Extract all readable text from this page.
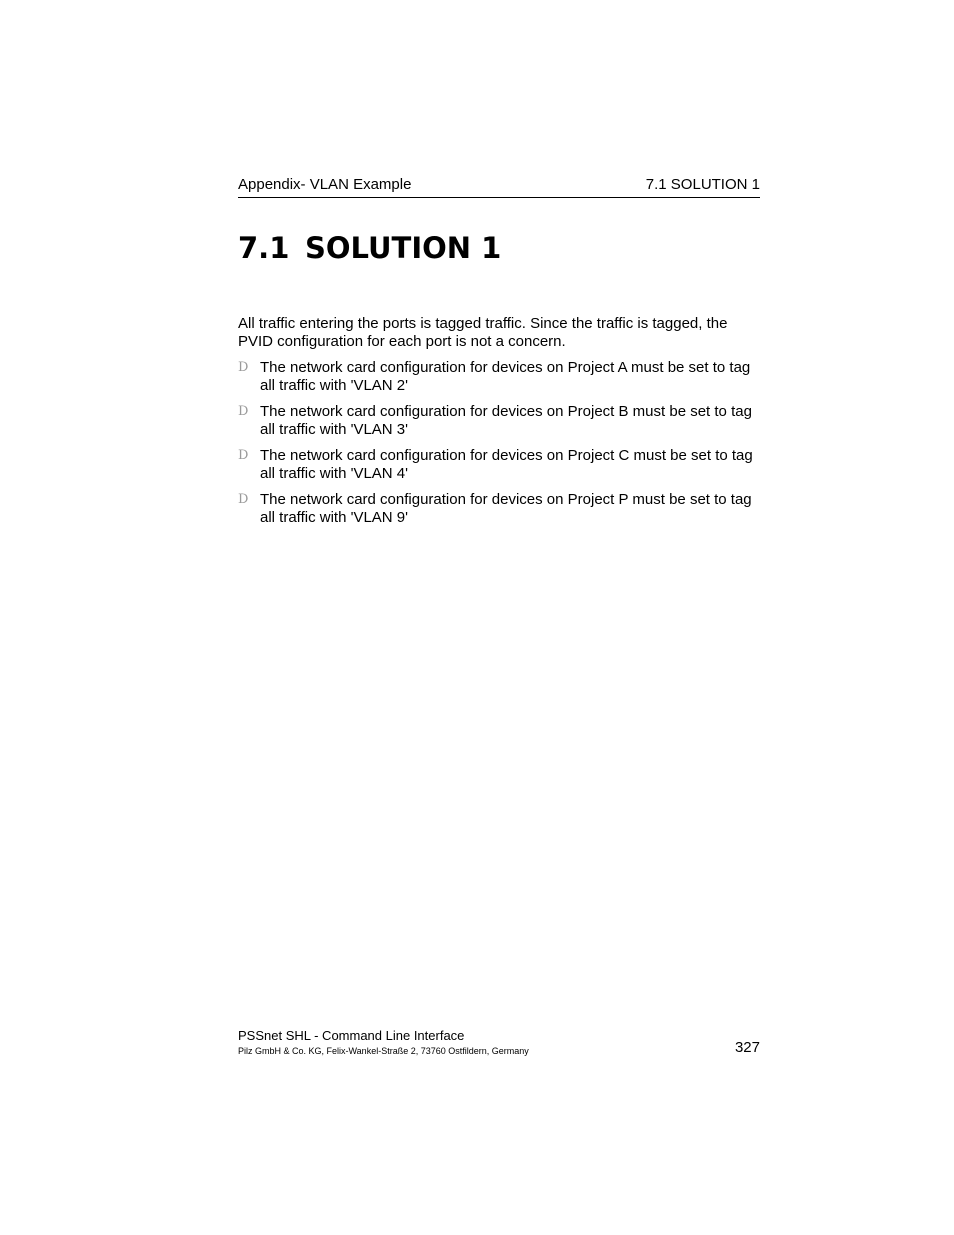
Appendix- VLAN Example	7.1 SOLUTION 1
7.1 SOLUTION 1

All traffic entering the ports is tagged traffic. Since the traffic is tagged, the
PVID configuration for each port is not a concern.

D The network card configuration for devices on Project A must be set to tag
all traffic with 'VLAN 2'
D The network card configuration for devices on Project B must be set to tag
all traffic with 'VLAN 3'
D The network card configuration for devices on Project C must be set to tag
all traffic with 'VLAN 4'
D The network card configuration for devices on Project P must be set to tag
all traffic with 'VLAN 9'
PSSnet SHL - Command Line Interface
Pilz GmbH & Co. KG, Felix-Wankel-Straße 2, 73760 Ostfildern, Germany	327
